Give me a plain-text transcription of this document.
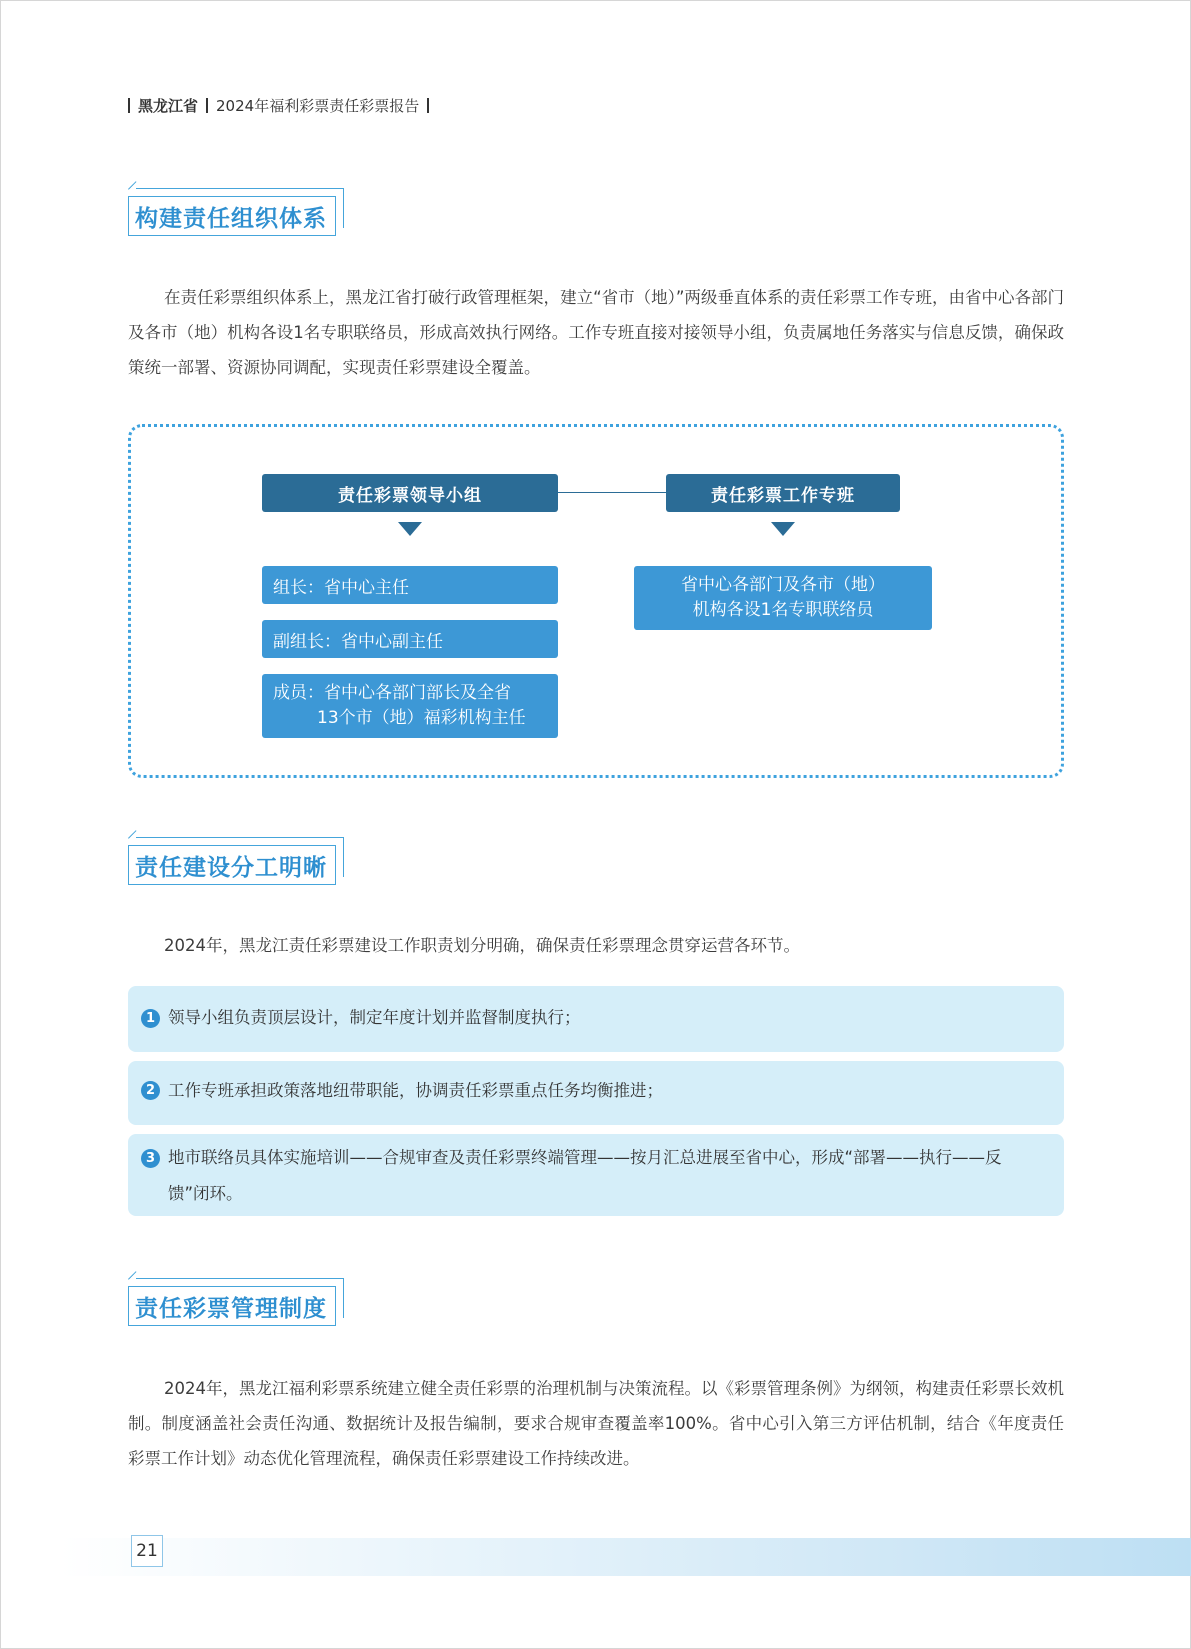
黑龙江省 2024年福利彩票责任彩票报告
构建责任组织体系

在责任彩票组织体系上，黑龙江省打破行政管理框架，建立“省市（地）”两级垂直体系的责任彩票工作专班，由省中心各部门及各市（地）机构各设1名专职联络员，形成高效执行网络。工作专班直接对接领导小组，负责属地任务落实与信息反馈，确保政策统一部署、资源协同调配，实现责任彩票建设全覆盖。

责任彩票领导小组	责任彩票工作专班
组长：省中心主任
副组长：省中心副主任
成员：省中心各部门部长及全省
13个市（地）福彩机构主任
省中心各部门及各市（地）
机构各设1名专职联络员
责任建设分工明晰

2024年，黑龙江责任彩票建设工作职责划分明确，确保责任彩票理念贯穿运营各环节。

1 领导小组负责顶层设计，制定年度计划并监督制度执行；
2 工作专班承担政策落地纽带职能，协调责任彩票重点任务均衡推进；
3 地市联络员具体实施培训——合规审查及责任彩票终端管理——按月汇总进展至省中心，形成“部署——执行——反馈”闭环。
责任彩票管理制度

2024年，黑龙江福利彩票系统建立健全责任彩票的治理机制与决策流程。以《彩票管理条例》为纲领，构建责任彩票长效机制。制度涵盖社会责任沟通、数据统计及报告编制，要求合规审查覆盖率100%。省中心引入第三方评估机制，结合《年度责任彩票工作计划》动态优化管理流程，确保责任彩票建设工作持续改进。

21
